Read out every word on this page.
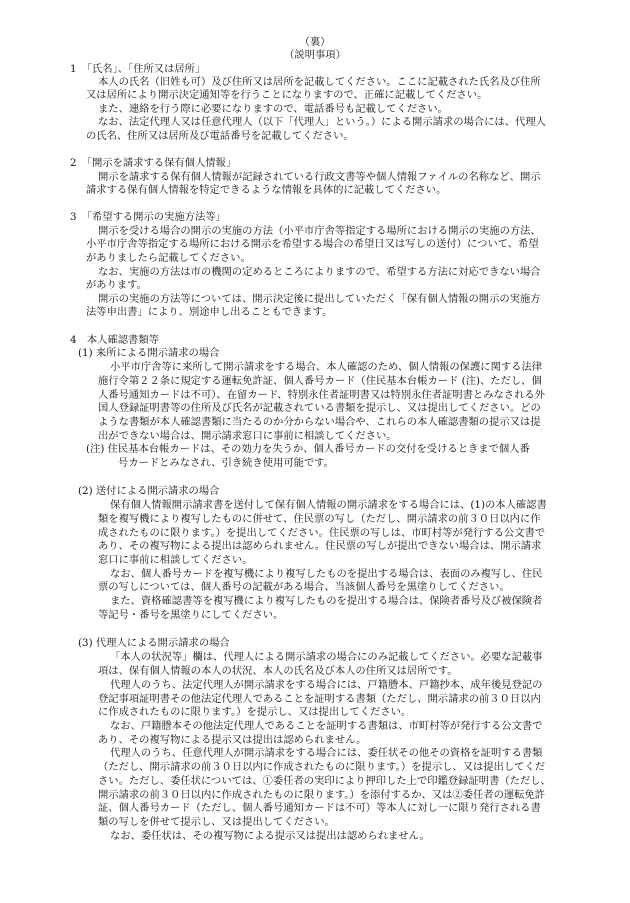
（裏）
（説明事項）
1　「氏名」、「住所又は居所」
本人の氏名（旧姓も可）及び住所又は居所を記載してください。ここに記載された氏名及び住所
又は居所により開示決定通知等を行うことになりますので、正確に記載してください。
また、連絡を行う際に必要になりますので、電話番号も記載してください。
なお、法定代理人又は任意代理人（以下「代理人」という。）による開示請求の場合には、代理人
の氏名、住所又は居所及び電話番号を記載してください。
2　「開示を請求する保有個人情報」
開示を請求する保有個人情報が記録されている行政文書等や個人情報ファイルの名称など、開示
請求する保有個人情報を特定できるような情報を具体的に記載してください。
3　「希望する開示の実施方法等」
開示を受ける場合の開示の実施の方法（小平市庁舎等指定する場所における開示の実施の方法、
小平市庁舎等指定する場所における開示を希望する場合の希望日又は写しの送付）について、希望
がありましたら記載してください。
なお、実施の方法は市の機関の定めるところによりますので、希望する方法に対応できない場合
があります。
開示の実施の方法等については、開示決定後に提出していただく「保有個人情報の開示の実施方
法等申出書」により、別途申し出ることもできます。
4　本人確認書類等
(1) 来所による開示請求の場合
小平市庁舎等に来所して開示請求をする場合、本人確認のため、個人情報の保護に関する法律
施行令第２２条に規定する運転免許証、個人番号カード（住民基本台帳カード (注)、ただし、個
人番号通知カードは不可）、在留カード、特別永住者証明書又は特別永住者証明書とみなされる外
国人登録証明書等の住所及び氏名が記載されている書類を提示し、又は提出してください。どの
ような書類が本人確認書類に当たるのか分からない場合や、これらの本人確認書類の提示又は提
出ができない場合は、開示請求窓口に事前に相談してください。
(注) 住民基本台帳カードは、その効力を失うか、個人番号カードの交付を受けるときまで個人番
号カードとみなされ、引き続き使用可能です。
(2) 送付による開示請求の場合
保有個人情報開示請求書を送付して保有個人情報の開示請求をする場合には、(1)の本人確認書
類を複写機により複写したものに併せて、住民票の写し（ただし、開示請求の前３０日以内に作
成されたものに限ります。）を提出してください。住民票の写しは、市町村等が発行する公文書で
あり、その複写物による提出は認められません。住民票の写しが提出できない場合は、開示請求
窓口に事前に相談してください。
なお、個人番号カードを複写機により複写したものを提出する場合は、表面のみ複写し、住民
票の写しについては、個人番号の記載がある場合、当該個人番号を黒塗りしてください。
また、資格確認書等を複写機により複写したものを提出する場合は、保険者番号及び被保険者
等記号・番号を黒塗りにしてください。
(3) 代理人による開示請求の場合
「本人の状況等」欄は、代理人による開示請求の場合にのみ記載してください。必要な記載事
項は、保有個人情報の本人の状況、本人の氏名及び本人の住所又は居所です。
代理人のうち、法定代理人が開示請求をする場合には、戸籍謄本、戸籍抄本、成年後見登記の
登記事項証明書その他法定代理人であることを証明する書類（ただし、開示請求の前３０日以内
に作成されたものに限ります。）を提示し、又は提出してください。
なお、戸籍謄本その他法定代理人であることを証明する書類は、市町村等が発行する公文書で
あり、その複写物による提示又は提出は認められません。
代理人のうち、任意代理人が開示請求をする場合には、委任状その他その資格を証明する書類
（ただし、開示請求の前３０日以内に作成されたものに限ります。）を提示し、又は提出してくだ
さい。ただし、委任状については、①委任者の実印により押印した上で印鑑登録証明書（ただし、
開示請求の前３０日以内に作成されたものに限ります。）を添付するか、又は②委任者の運転免許
証、個人番号カード（ただし、個人番号通知カードは不可）等本人に対し一に限り発行される書
類の写しを併せて提示し、又は提出してください。
なお、委任状は、その複写物による提示又は提出は認められません。
